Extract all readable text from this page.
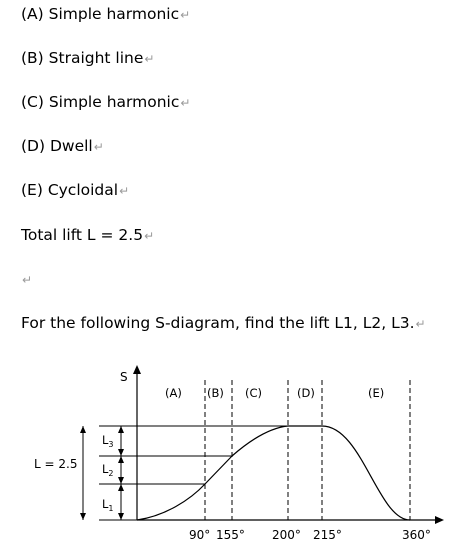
(A) Simple harmonic↵
(B) Straight line↵
(C) Simple harmonic↵
(D) Dwell↵
(E) Cycloidal↵
Total lift L = 2.5↵
↵
For the following S-diagram, find the lift L1, L2, L3.↵
S
(A) (B) (C)	(D)	(E)
L = 2.5
$L_3$
$L_2$
$L_1$
90° 155° 200° 215°	360°
